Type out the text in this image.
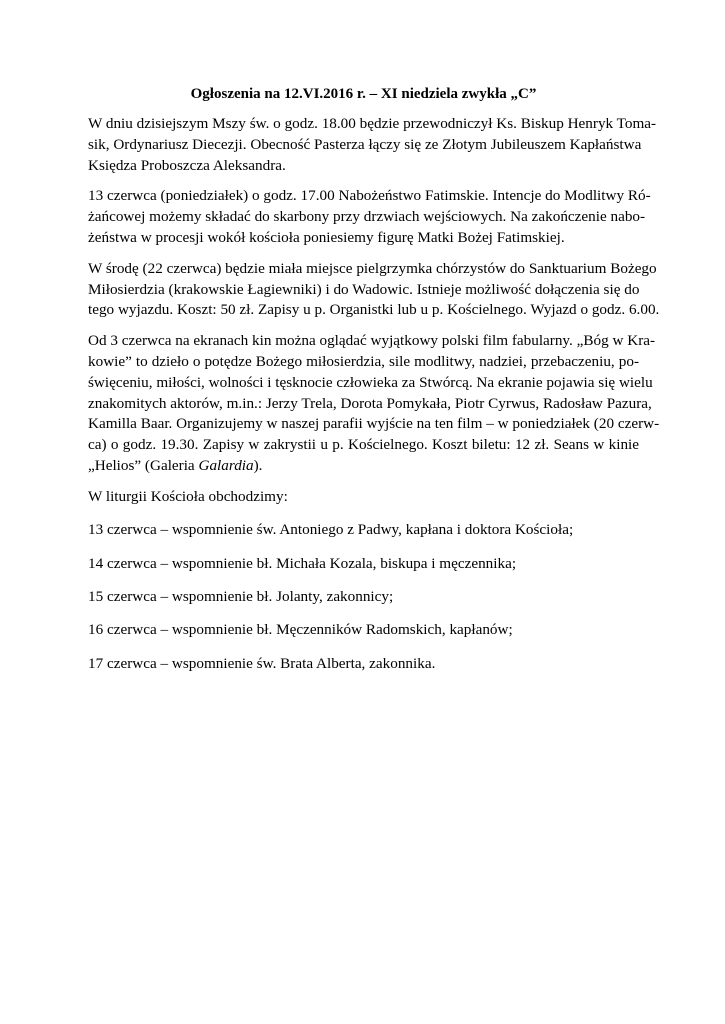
Ogłoszenia na 12.VI.2016 r. – XI niedziela zwykła „C”

W dniu dzisiejszym Mszy św. o godz. 18.00 będzie przewodniczył Ks. Biskup Henryk Toma-

sik, Ordynariusz Diecezji. Obecność Pasterza łączy się ze Złotym Jubileuszem Kapłaństwa

Księdza Proboszcza Aleksandra.

13 czerwca (poniedziałek) o godz. 17.00 Nabożeństwo Fatimskie. Intencje do Modlitwy Ró-

żańcowej możemy składać do skarbony przy drzwiach wejściowych. Na zakończenie nabo-

żeństwa w procesji wokół kościoła poniesiemy figurę Matki Bożej Fatimskiej.

W środę (22 czerwca) będzie miała miejsce pielgrzymka chórzystów do Sanktuarium Bożego

Miłosierdzia (krakowskie Łagiewniki) i do Wadowic. Istnieje możliwość dołączenia się do

tego wyjazdu. Koszt: 50 zł. Zapisy u p. Organistki lub u p. Kościelnego. Wyjazd o godz. 6.00.

Od 3 czerwca na ekranach kin można oglądać wyjątkowy polski film fabularny. „Bóg w Kra-

kowie” to dzieło o potędze Bożego miłosierdzia, sile modlitwy, nadziei, przebaczeniu, po-

święceniu, miłości, wolności i tęsknocie człowieka za Stwórcą. Na ekranie pojawia się wielu

znakomitych aktorów, m.in.: Jerzy Trela, Dorota Pomykała, Piotr Cyrwus, Radosław Pazura,

Kamilla Baar. Organizujemy w naszej parafii wyjście na ten film – w poniedziałek (20 czerw-

ca) o godz. 19.30. Zapisy w zakrystii u p. Kościelnego. Koszt biletu: 12 zł. Seans w kinie

„Helios” (Galeria Galardia).

W liturgii Kościoła obchodzimy:

13 czerwca – wspomnienie św. Antoniego z Padwy, kapłana i doktora Kościoła;

14 czerwca – wspomnienie bł. Michała Kozala, biskupa i męczennika;

15 czerwca – wspomnienie bł. Jolanty, zakonnicy;

16 czerwca – wspomnienie bł. Męczenników Radomskich, kapłanów;

17 czerwca – wspomnienie św. Brata Alberta, zakonnika.
